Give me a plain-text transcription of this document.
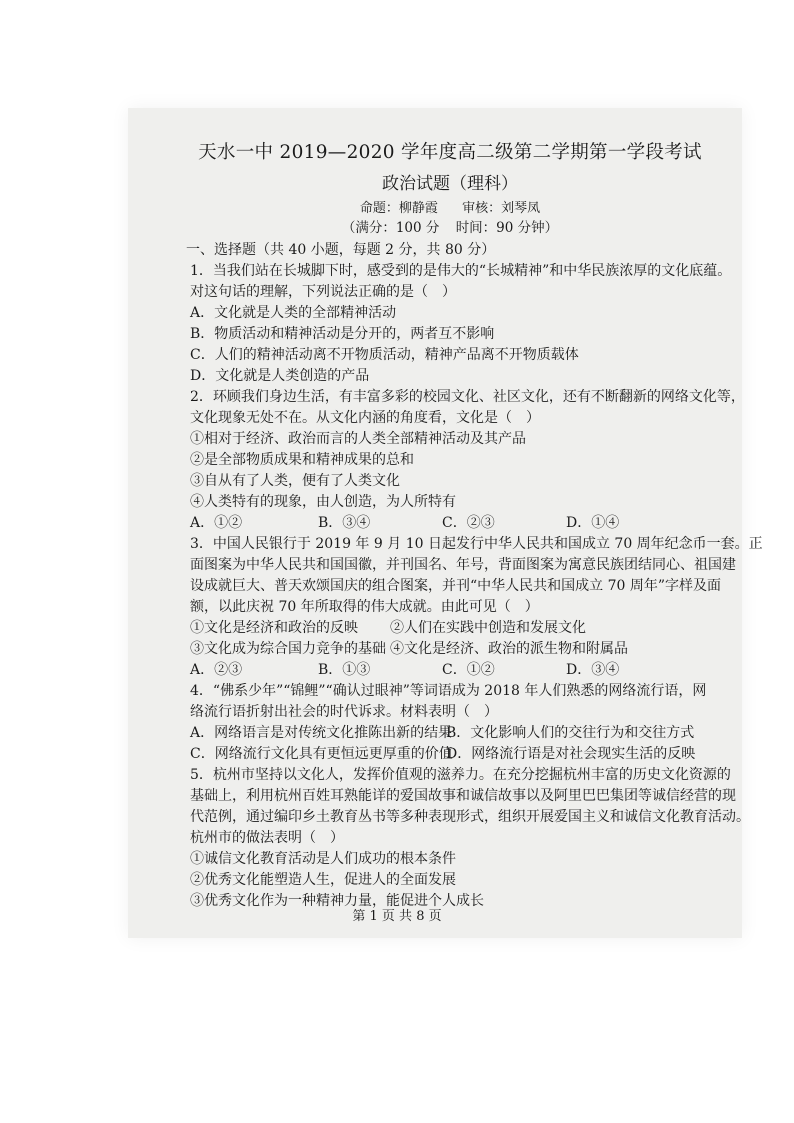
天水一中 2019—2020 学年度高二级第二学期第一学段考试
政治试题（理科）
命题：柳静霞 审核：刘琴凤
（满分：100 分 时间：90 分钟）
一、选择题（共 40 小题，每题 2 分，共 80 分）
1．当我们站在长城脚下时，感受到的是伟大的“长城精神”和中华民族浓厚的文化底蕴。
对这句话的理解，下列说法正确的是（　）
A．文化就是人类的全部精神活动
B．物质活动和精神活动是分开的，两者互不影响
C．人们的精神活动离不开物质活动，精神产品离不开物质载体
D．文化就是人类创造的产品
2．环顾我们身边生活，有丰富多彩的校园文化、社区文化，还有不断翻新的网络文化等，
文化现象无处不在。从文化内涵的角度看，文化是（　）
①相对于经济、政治而言的人类全部精神活动及其产品
②是全部物质成果和精神成果的总和
③自从有了人类，便有了人类文化
④人类特有的现象，由人创造，为人所特有
A．①②	B．③④	C．②③	D．①④
3．中国人民银行于 2019 年 9 月 10 日起发行中华人民共和国成立 70 周年纪念币一套。正
面图案为中华人民共和国国徽，并刊国名、年号，背面图案为寓意民族团结同心、祖国建
设成就巨大、普天欢颂国庆的组合图案，并刊“中华人民共和国成立 70 周年”字样及面
额，以此庆祝 70 年所取得的伟大成就。由此可见（　）
①文化是经济和政治的反映	②人们在实践中创造和发展文化
③文化成为综合国力竞争的基础 ④文化是经济、政治的派生物和附属品
A．②③	B．①③	C．①②	D．③④
4．“佛系少年”“锦鲤”“确认过眼神”等词语成为 2018 年人们熟悉的网络流行语，网
络流行语折射出社会的时代诉求。材料表明（　）
A．网络语言是对传统文化推陈出新的结果
B．文化影响人们的交往行为和交往方式
C．网络流行文化具有更恒远更厚重的价值
D．网络流行语是对社会现实生活的反映
5．杭州市坚持以文化人，发挥价值观的滋养力。在充分挖掘杭州丰富的历史文化资源的
基础上，利用杭州百姓耳熟能详的爱国故事和诚信故事以及阿里巴巴集团等诚信经营的现
代范例，通过编印乡土教育丛书等多种表现形式，组织开展爱国主义和诚信文化教育活动。
杭州市的做法表明（　）
①诚信文化教育活动是人们成功的根本条件
②优秀文化能塑造人生，促进人的全面发展
③优秀文化作为一种精神力量，能促进个人成长
第 1 页 共 8 页
